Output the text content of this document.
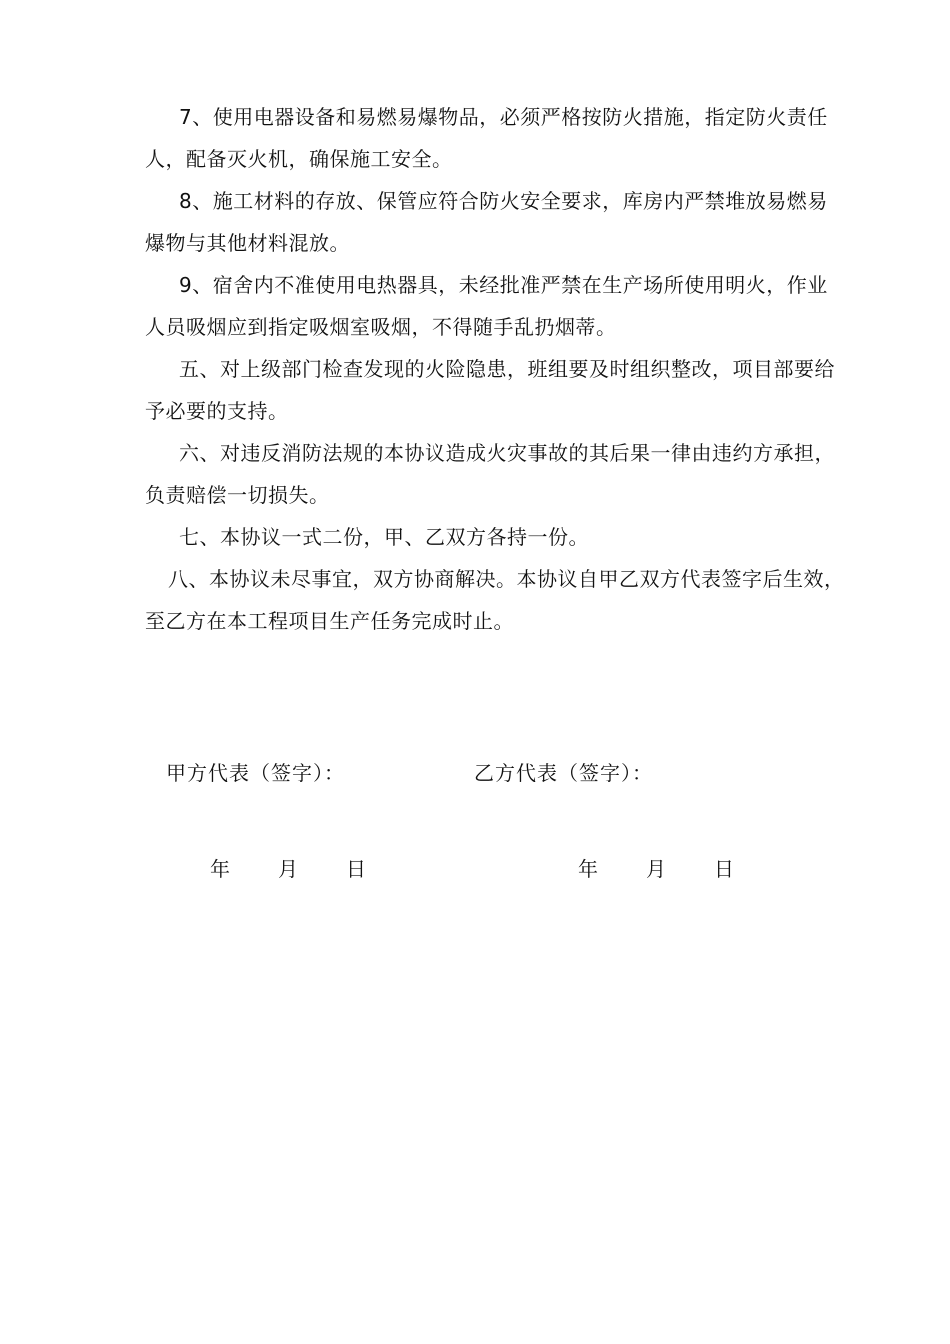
7、使用电器设备和易燃易爆物品，必须严格按防火措施，指定防火责任人，配备灭火机，确保施工安全。

8、施工材料的存放、保管应符合防火安全要求，库房内严禁堆放易燃易爆物与其他材料混放。

9、宿舍内不准使用电热器具，未经批准严禁在生产场所使用明火，作业人员吸烟应到指定吸烟室吸烟，不得随手乱扔烟蒂。

五、对上级部门检查发现的火险隐患，班组要及时组织整改，项目部要给予必要的支持。

六、对违反消防法规的本协议造成火灾事故的其后果一律由违约方承担，负责赔偿一切损失。

七、本协议一式二份，甲、乙双方各持一份。

八、本协议未尽事宜，双方协商解决。本协议自甲乙双方代表签字后生效，至乙方在本工程项目生产任务完成时止。

甲方代表（签字）：	乙方代表（签字）：
年 月 日	年 月 日
